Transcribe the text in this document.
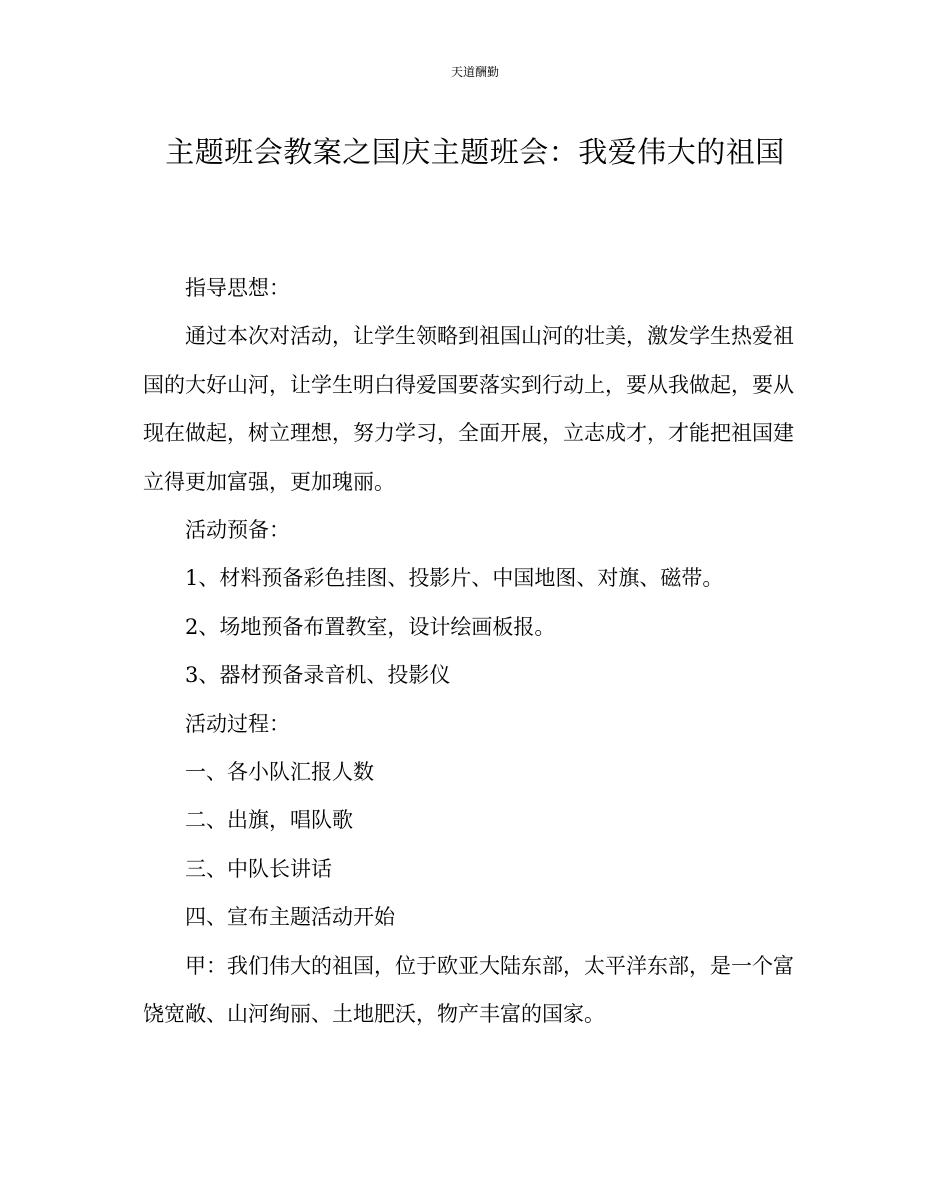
天道酬勤
主题班会教案之国庆主题班会：我爱伟大的祖国

指导思想：

通过本次对活动，让学生领略到祖国山河的壮美，激发学生热爱祖国的大好山河，让学生明白得爱国要落实到行动上，要从我做起，要从现在做起，树立理想，努力学习，全面开展，立志成才，才能把祖国建立得更加富强，更加瑰丽。

活动预备：

1、材料预备彩色挂图、投影片、中国地图、对旗、磁带。

2、场地预备布置教室，设计绘画板报。

3、器材预备录音机、投影仪

活动过程：

一、各小队汇报人数

二、出旗，唱队歌

三、中队长讲话

四、宣布主题活动开始

甲：我们伟大的祖国，位于欧亚大陆东部，太平洋东部，是一个富饶宽敞、山河绚丽、土地肥沃，物产丰富的国家。
